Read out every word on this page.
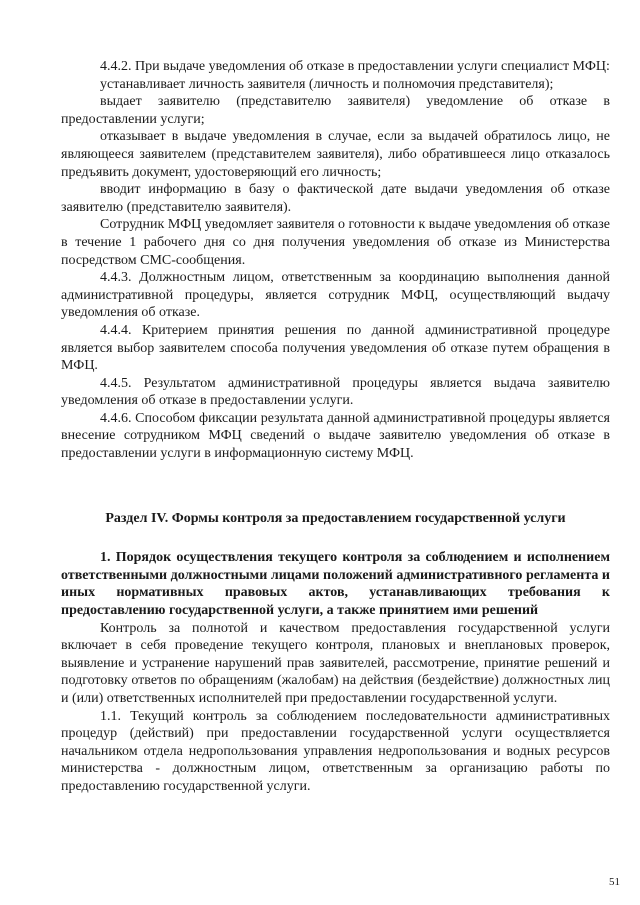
4.4.2. При выдаче уведомления об отказе в предоставлении услуги специалист МФЦ:

устанавливает личность заявителя (личность и полномочия представителя);

выдает заявителю (представителю заявителя) уведомление об отказе в предоставлении услуги;

отказывает в выдаче уведомления в случае, если за выдачей обратилось лицо, не являющееся заявителем (представителем заявителя), либо обратившееся лицо отказалось предъявить документ, удостоверяющий его личность;

вводит информацию в базу о фактической дате выдачи уведомления об отказе заявителю (представителю заявителя).

Сотрудник МФЦ уведомляет заявителя о готовности к выдаче уведомления об отказе в течение 1 рабочего дня со дня получения уведомления об отказе из Министерства посредством СМС-сообщения.

4.4.3. Должностным лицом, ответственным за координацию выполнения данной административной процедуры, является сотрудник МФЦ, осуществляющий выдачу уведомления об отказе.

4.4.4. Критерием принятия решения по данной административной процедуре является выбор заявителем способа получения уведомления об отказе путем обращения в МФЦ.

4.4.5. Результатом административной процедуры является выдача заявителю уведомления об отказе в предоставлении услуги.

4.4.6. Способом фиксации результата данной административной процедуры является внесение сотрудником МФЦ сведений о выдаче заявителю уведомления об отказе в предоставлении услуги в информационную систему МФЦ.

Раздел IV. Формы контроля за предоставлением государственной услуги

1. Порядок осуществления текущего контроля за соблюдением и исполнением ответственными должностными лицами положений административного регламента и иных нормативных правовых актов, устанавливающих требования к предоставлению государственной услуги, а также принятием ими решений

Контроль за полнотой и качеством предоставления государственной услуги включает в себя проведение текущего контроля, плановых и внеплановых проверок, выявление и устранение нарушений прав заявителей, рассмотрение, принятие решений и подготовку ответов по обращениям (жалобам) на действия (бездействие) должностных лиц и (или) ответственных исполнителей при предоставлении государственной услуги.

1.1. Текущий контроль за соблюдением последовательности административных процедур (действий) при предоставлении государственной услуги осуществляется начальником отдела недропользования управления недропользования и водных ресурсов министерства - должностным лицом, ответственным за организацию работы по предоставлению государственной услуги.

51
